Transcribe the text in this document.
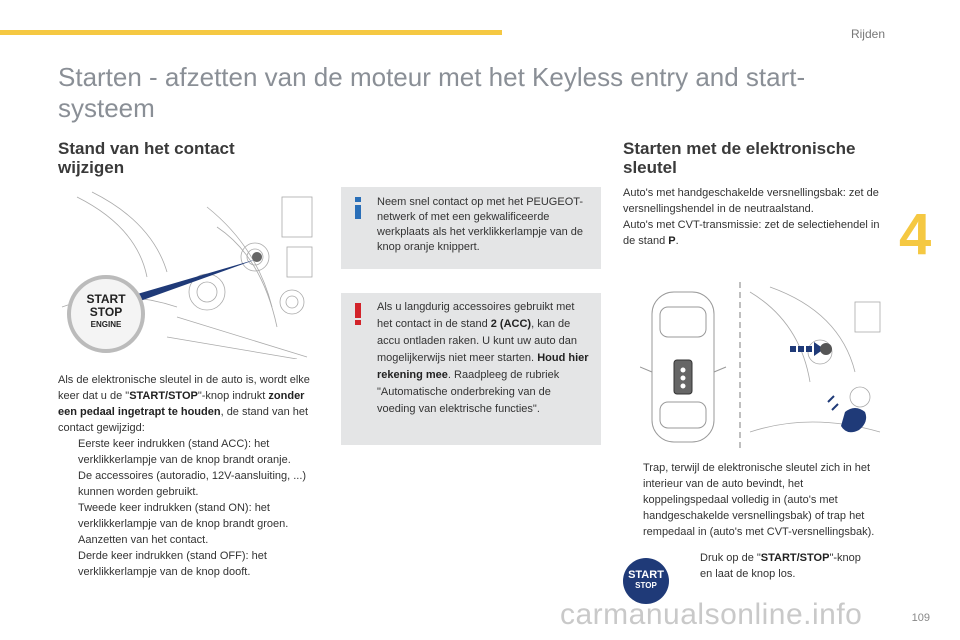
Rijden
Starten - afzetten van de moteur met het Keyless entry and start-systeem
4
Stand van het contact wijzigen
START
STOP
ENGINE

Als de elektronische sleutel in de auto is, wordt elke keer dat u de "START/STOP"-knop indrukt zonder een pedaal ingetrapt te houden, de stand van het contact gewijzigd:

Eerste keer indrukken (stand ACC): het verklikkerlampje van de knop brandt oranje.
De accessoires (autoradio, 12V-aansluiting, ...) kunnen worden gebruikt.
Tweede keer indrukken (stand ON): het verklikkerlampje van de knop brandt groen.
Aanzetten van het contact.
Derde keer indrukken (stand OFF): het verklikkerlampje van de knop dooft.
Neem snel contact op met het PEUGEOT-netwerk of met een gekwalificeerde werkplaats als het verklikkerlampje van de knop oranje knippert.
Als u langdurig accessoires gebruikt met het contact in de stand 2 (ACC), kan de accu ontladen raken. U kunt uw auto dan mogelijkerwijs niet meer starten. Houd hier rekening mee. Raadpleeg de rubriek "Automatische onderbreking van de voeding van elektrische functies".
Starten met de elektronische sleutel

Auto's met handgeschakelde versnellingsbak: zet de versnellingshendel in de neutraalstand.

Auto's met CVT-transmissie: zet de selectiehendel in de stand P.

Trap, terwijl de elektronische sleutel zich in het interieur van de auto bevindt, het koppelingspedaal volledig in (auto's met handgeschakelde versnellingsbak) of trap het rempedaal in (auto's met CVT-versnellingsbak).
Druk op de "START/STOP"-knop en laat de knop los.
START
STOP
carmanualsonline.info	109
